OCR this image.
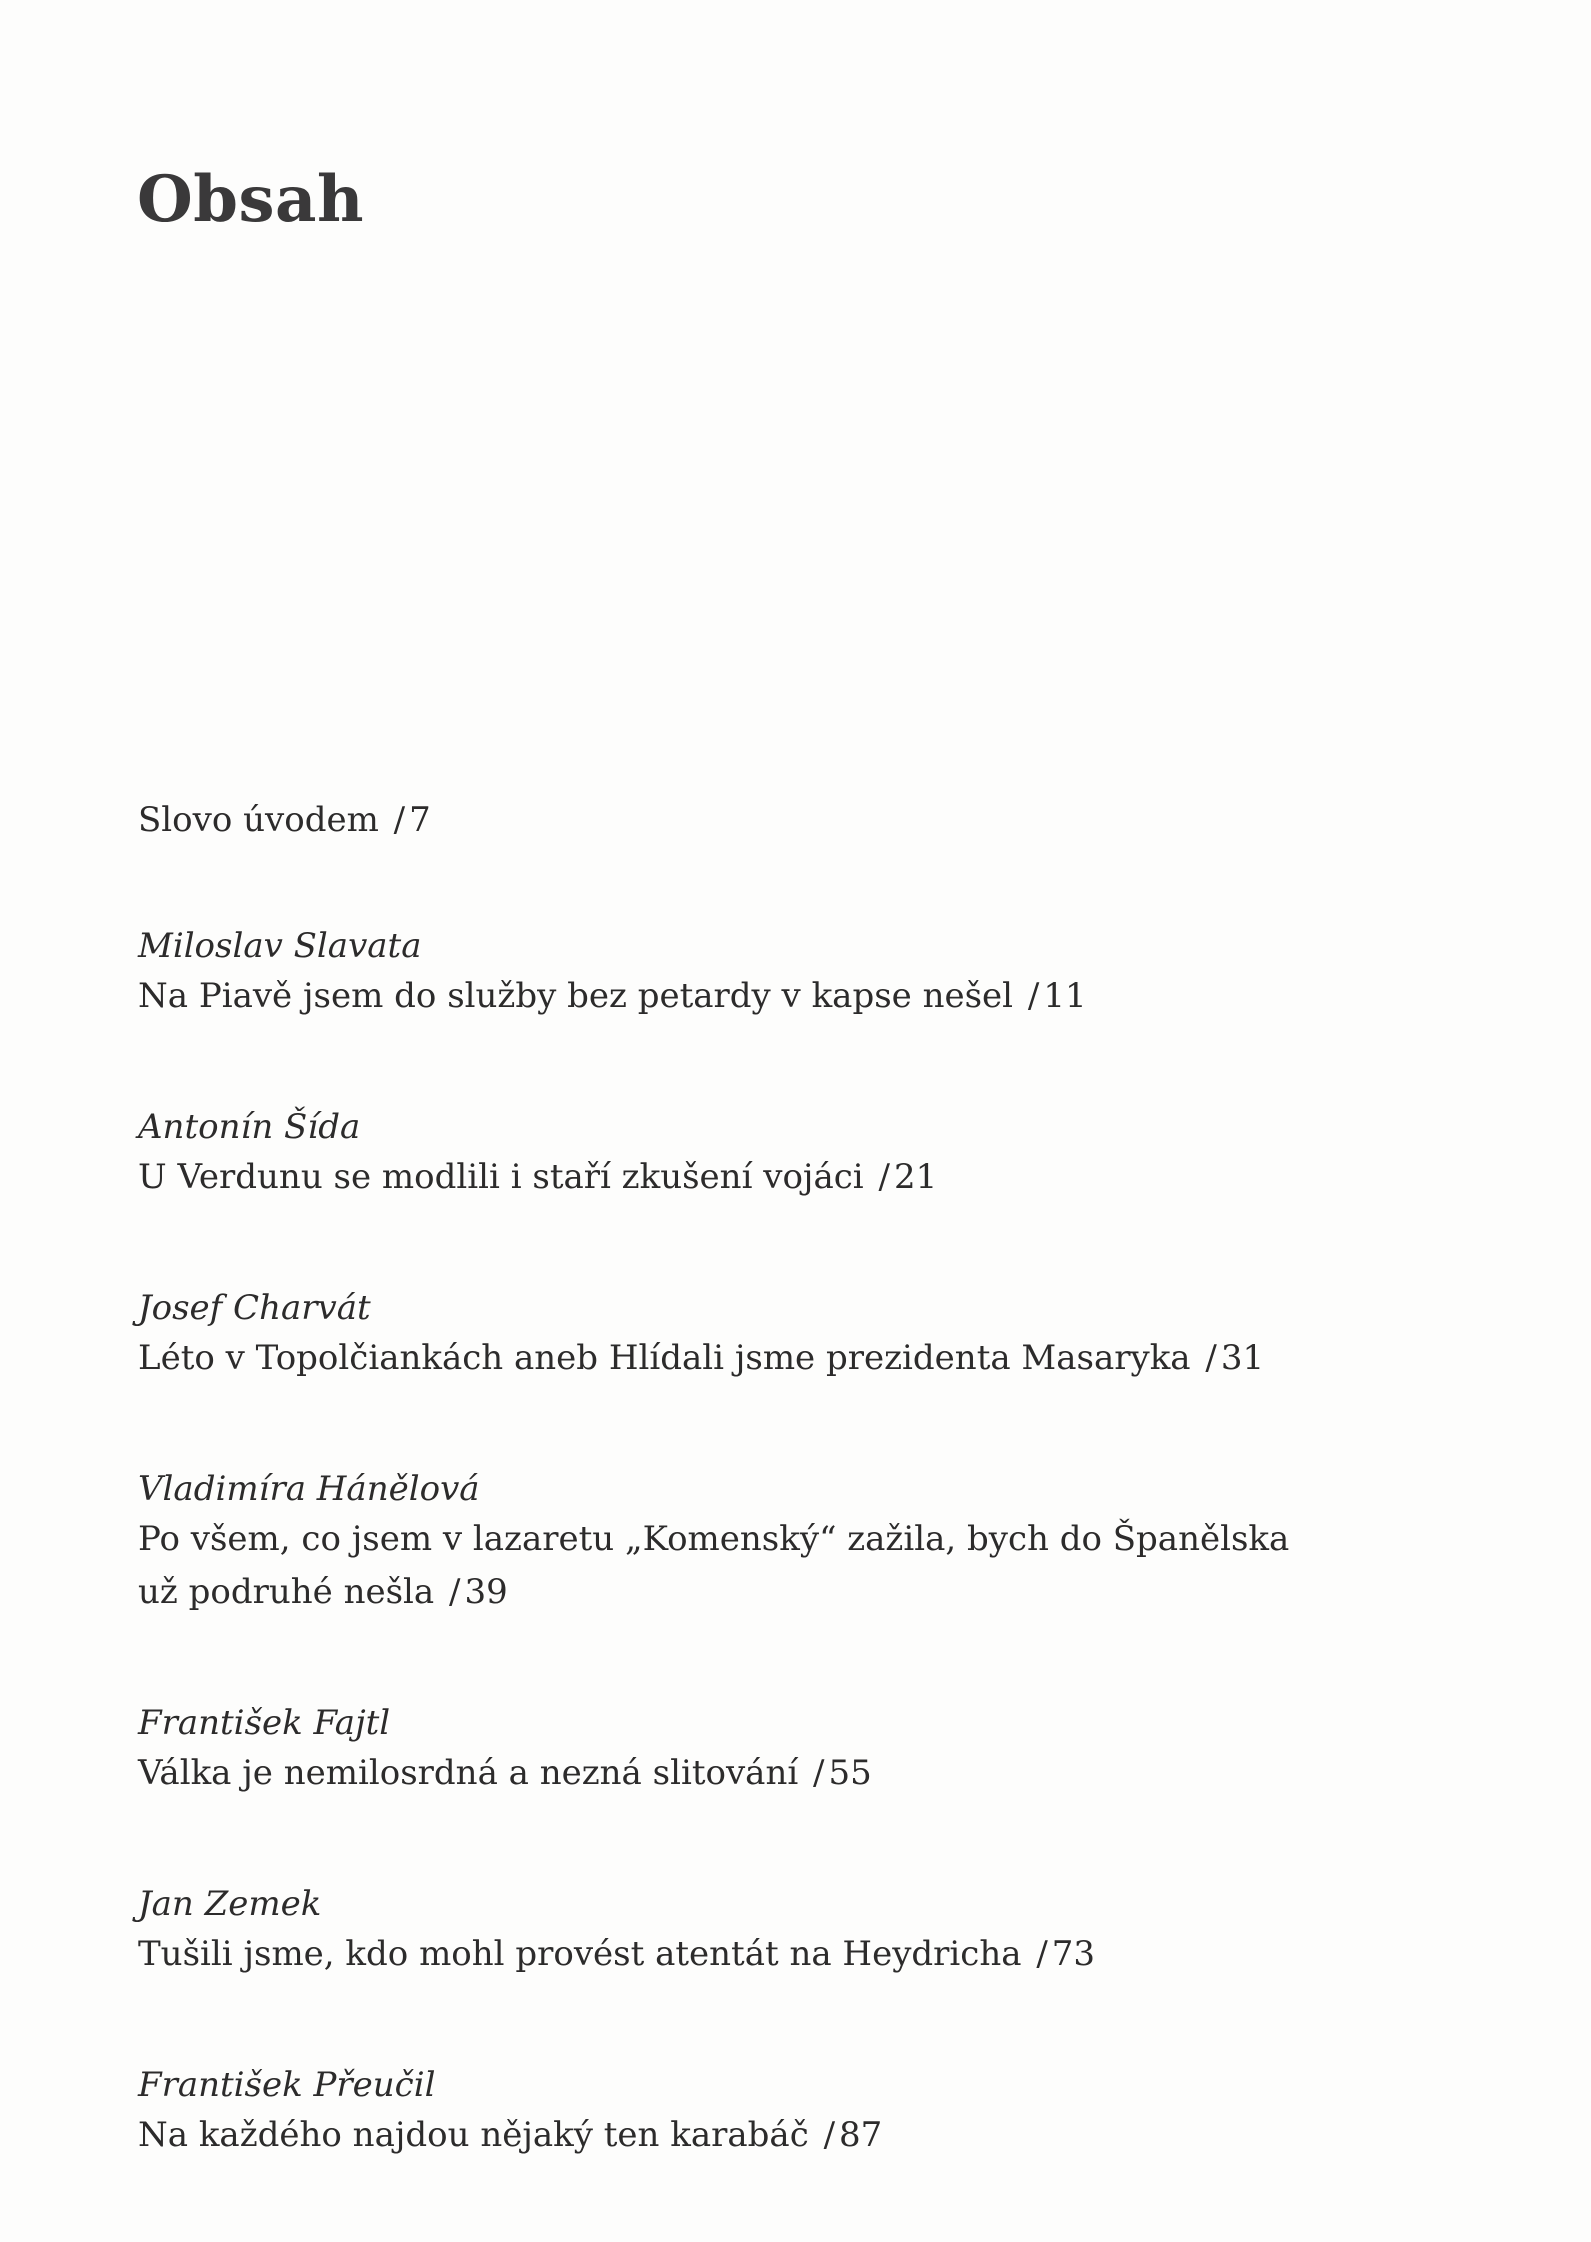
Obsah
Slovo úvodem / 7
Miloslav Slavata
Na Piavě jsem do služby bez petardy v kapse nešel / 11
Antonín Šída
U Verdunu se modlili i staří zkušení vojáci / 21
Josef Charvát
Léto v Topolčiankách aneb Hlídali jsme prezidenta Masaryka / 31
Vladimíra Hánělová
Po všem, co jsem v lazaretu „Komenský“ zažila, bych do Španělska
už podruhé nešla / 39
František Fajtl
Válka je nemilosrdná a nezná slitování / 55
Jan Zemek
Tušili jsme, kdo mohl provést atentát na Heydricha / 73
František Přeučil
Na každého najdou nějaký ten karabáč / 87
